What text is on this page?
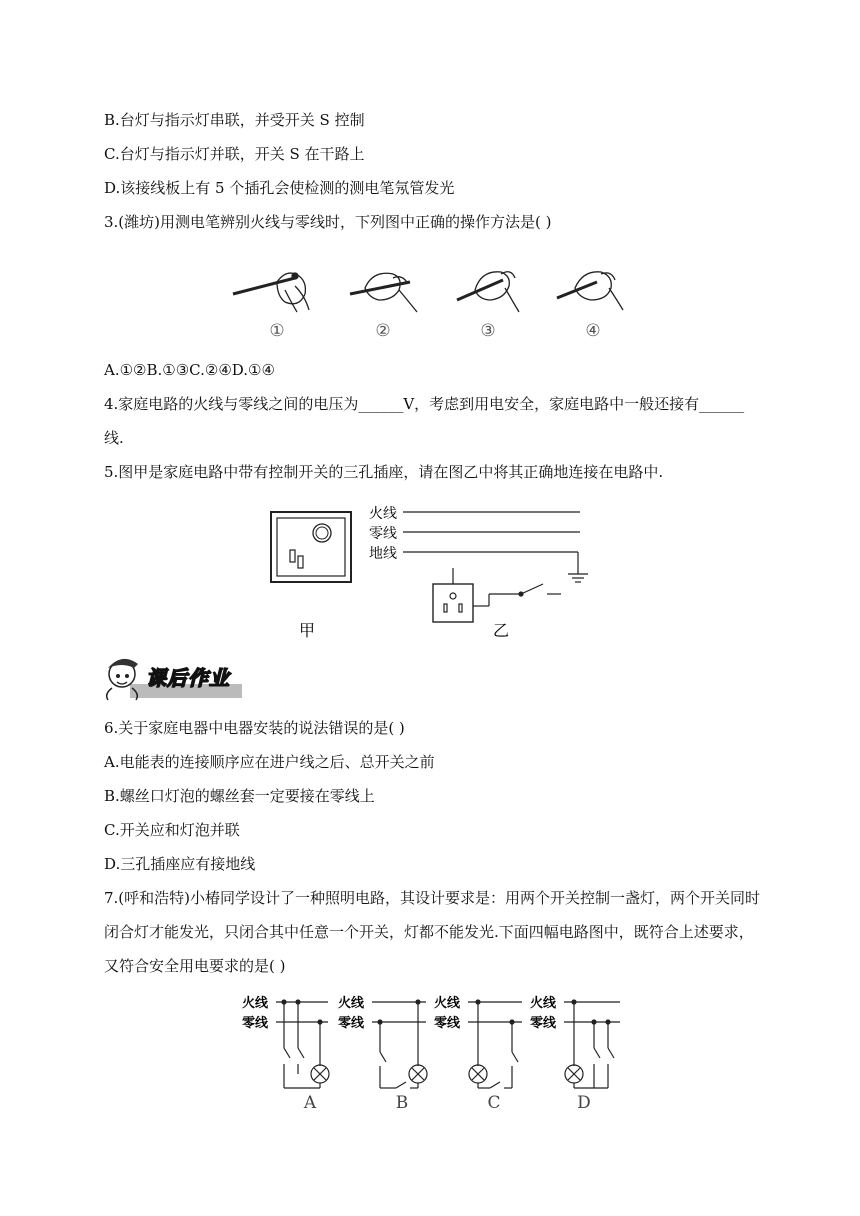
B.台灯与指示灯串联，并受开关 S 控制
C.台灯与指示灯并联，开关 S 在干路上
D.该接线板上有 5 个插孔会使检测的测电笔氖管发光
3.(潍坊)用测电笔辨别火线与零线时，下列图中正确的操作方法是( )
①	②	③	④
A.①②B.①③C.②④D.①④
4.家庭电路的火线与零线之间的电压为______V，考虑到用电安全，家庭电路中一般还接有______
线.
5.图甲是家庭电路中带有控制开关的三孔插座，请在图乙中将其正确地连接在电路中.
甲
火线
零线
地线
乙
课后作业
6.关于家庭电器中电器安装的说法错误的是( )
A.电能表的连接顺序应在进户线之后、总开关之前
B.螺丝口灯泡的螺丝套一定要接在零线上
C.开关应和灯泡并联
D.三孔插座应有接地线
7.(呼和浩特)小椿同学设计了一种照明电路，其设计要求是：用两个开关控制一盏灯，两个开关同时
闭合灯才能发光，只闭合其中任意一个开关，灯都不能发光.下面四幅电路图中，既符合上述要求，
又符合安全用电要求的是( )
火线
零线
火线
零线
火线
零线
火线
零线
A	B	C	D
